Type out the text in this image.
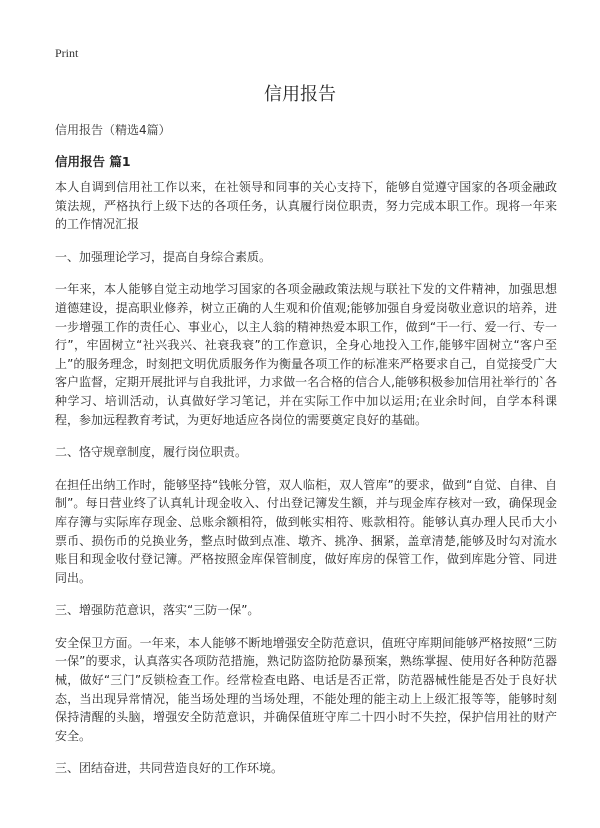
Print
信用报告
信用报告（精选4篇）
信用报告 篇1

本人自调到信用社工作以来，在社领导和同事的关心支持下，能够自觉遵守国家的各项金融政策法规，严格执行上级下达的各项任务，认真履行岗位职责，努力完成本职工作。现将一年来的工作情况汇报

一、加强理论学习，提高自身综合素质。

一年来，本人能够自觉主动地学习国家的各项金融政策法规与联社下发的文件精神，加强思想道德建设，提高职业修养，树立正确的人生观和价值观;能够加强自身爱岗敬业意识的培养，进一步增强工作的责任心、事业心，以主人翁的精神热爱本职工作，做到“干一行、爱一行、专一行”，牢固树立“社兴我兴、社衰我衰”的工作意识，全身心地投入工作,能够牢固树立“客户至上”的服务理念，时刻把文明优质服务作为衡量各项工作的标准来严格要求自己，自觉接受广大客户监督，定期开展批评与自我批评，力求做一名合格的信合人,能够积极参加信用社举行的`各种学习、培训活动，认真做好学习笔记，并在实际工作中加以运用;在业余时间，自学本科课程，参加远程教育考试，为更好地适应各岗位的需要奠定良好的基础。

二、恪守规章制度，履行岗位职责。

在担任出纳工作时，能够坚持“钱帐分管，双人临柜，双人管库”的要求，做到“自觉、自律、自制”。每日营业终了认真轧计现金收入、付出登记簿发生额，并与现金库存核对一致，确保现金库存簿与实际库存现金、总账余额相符，做到帐实相符、账款相符。能够认真办理人民币大小票币、损伤币的兑换业务，整点时做到点准、墩齐、挑净、捆紧，盖章清楚,能够及时勾对流水账目和现金收付登记簿。严格按照金库保管制度，做好库房的保管工作，做到库匙分管、同进同出。

三、增强防范意识，落实“三防一保”。

安全保卫方面。一年来，本人能够不断地增强安全防范意识，值班守库期间能够严格按照“三防一保”的要求，认真落实各项防范措施，熟记防盗防抢防暴预案，熟练掌握、使用好各种防范器械，做好“三门”反锁检查工作。经常检查电路、电话是否正常，防范器械性能是否处于良好状态，当出现异常情况，能当场处理的当场处理，不能处理的能主动上上级汇报等等，能够时刻保持清醒的头脑，增强安全防范意识，并确保值班守库二十四小时不失控，保护信用社的财产安全。

三、团结奋进，共同营造良好的工作环境。
